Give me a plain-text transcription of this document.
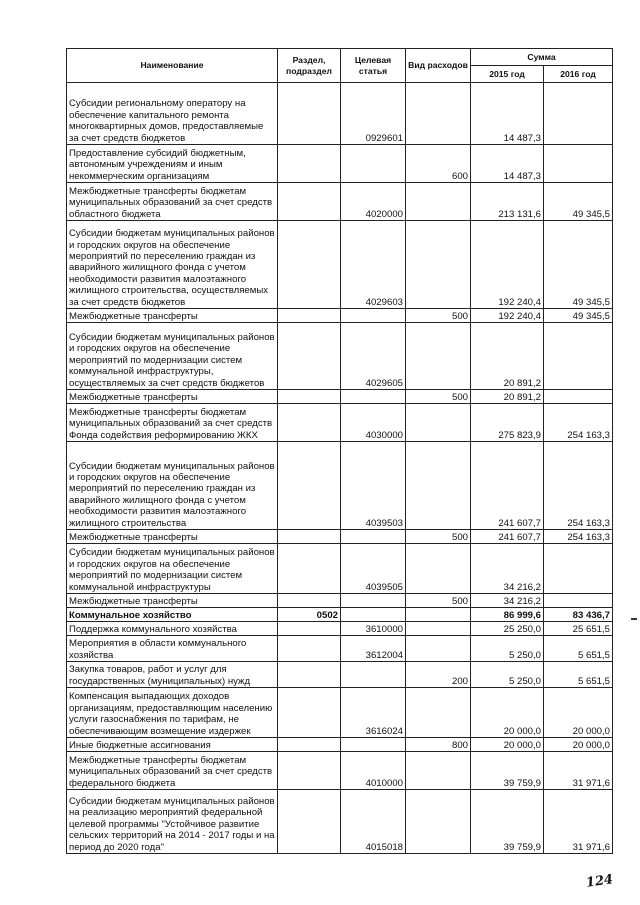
Наименование	Раздел, подраздел	Целевая статья	Вид расходов	Сумма	
				2015 год	2016 год
Субсидии региональному оператору на обеспечение капитального ремонта многоквартирных домов, предоставляемые за счет средств бюджетов		0929601		14 487,3	
Предоставление субсидий бюджетным, автономным учреждениям и иным некоммерческим организациям			600	14 487,3	
Межбюджетные трансферты бюджетам муниципальных образований за счет средств областного бюджета		4020000		213 131,6	49 345,5
Субсидии бюджетам муниципальных районов и городских округов на обеспечение мероприятий по переселению граждан из аварийного жилищного фонда с учетом необходимости развития малоэтажного жилищного строительства, осуществляемых за счет средств бюджетов		4029603		192 240,4	49 345,5
Межбюджетные трансферты			500	192 240,4	49 345,5
Субсидии бюджетам муниципальных районов и городских округов на обеспечение мероприятий по модернизации систем коммунальной инфраструктуры, осуществляемых за счет средств бюджетов		4029605		20 891,2	
Межбюджетные трансферты			500	20 891,2	
Межбюджетные трансферты бюджетам муниципальных образований за счет средств Фонда содействия реформированию ЖКХ		4030000		275 823,9	254 163,3
Субсидии бюджетам муниципальных районов и городских округов на обеспечение мероприятий по переселению граждан из аварийного жилищного фонда с учетом необходимости развития малоэтажного жилищного строительства		4039503		241 607,7	254 163,3
Межбюджетные трансферты			500	241 607,7	254 163,3
Субсидии бюджетам муниципальных районов и городских округов на обеспечение мероприятий по модернизации систем коммунальной инфраструктуры		4039505		34 216,2	
Межбюджетные трансферты			500	34 216,2	
Коммунальное хозяйство	0502			86 999,6	83 436,7
Поддержка коммунального хозяйства		3610000		25 250,0	25 651,5
Мероприятия в области коммунального хозяйства		3612004		5 250,0	5 651,5
Закупка товаров, работ и услуг для государственных (муниципальных) нужд			200	5 250,0	5 651,5
Компенсация выпадающих доходов организациям, предоставляющим населению услуги газоснабжения по тарифам, не обеспечивающим возмещение издержек		3616024		20 000,0	20 000,0
Иные бюджетные ассигнования			800	20 000,0	20 000,0
Межбюджетные трансферты бюджетам муниципальных образований за счет средств федерального бюджета		4010000		39 759,9	31 971,6
Субсидии бюджетам муниципальных районов на реализацию мероприятий федеральной целевой программы "Устойчивое развитие сельских территорий на 2014 - 2017 годы и на период до 2020 года"		4015018		39 759,9	31 971,6
124
